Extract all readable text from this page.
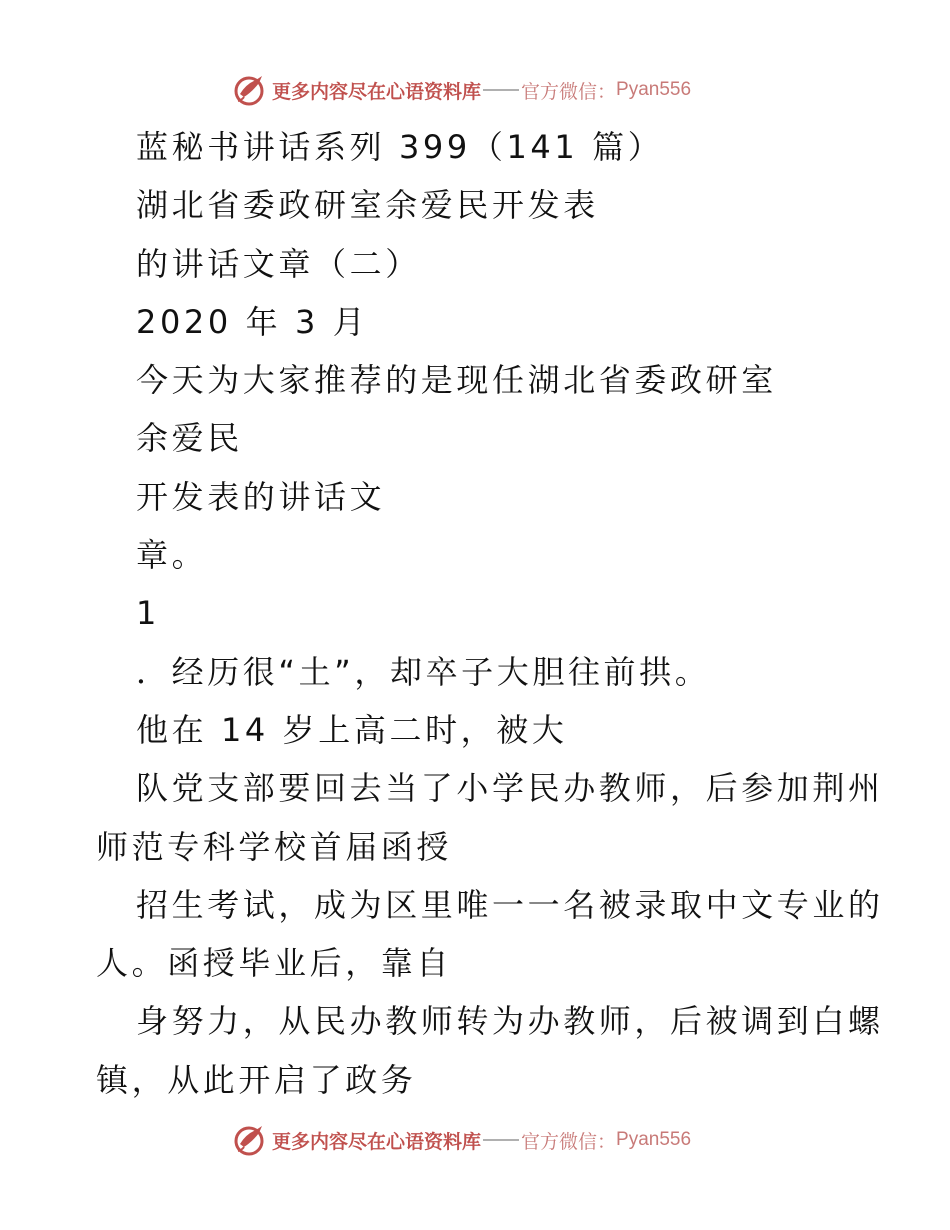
更多内容尽在心语资料库 官方微信： Pyan556
蓝秘书讲话系列 399（141 篇）
湖北省委政研室余爱民开发表
的讲话文章（二）
2020 年 3 月
今天为大家推荐的是现任湖北省委政研室
余爱民
开发表的讲话文
章。
1
．经历很“土”，却卒子大胆往前拱。
他在 14 岁上高二时，被大
队党支部要回去当了小学民办教师，后参加荆州
师范专科学校首届函授
招生考试，成为区里唯一一名被录取中文专业的
人。函授毕业后，靠自
身努力，从民办教师转为办教师，后被调到白螺
镇，从此开启了政务
更多内容尽在心语资料库 官方微信： Pyan556
